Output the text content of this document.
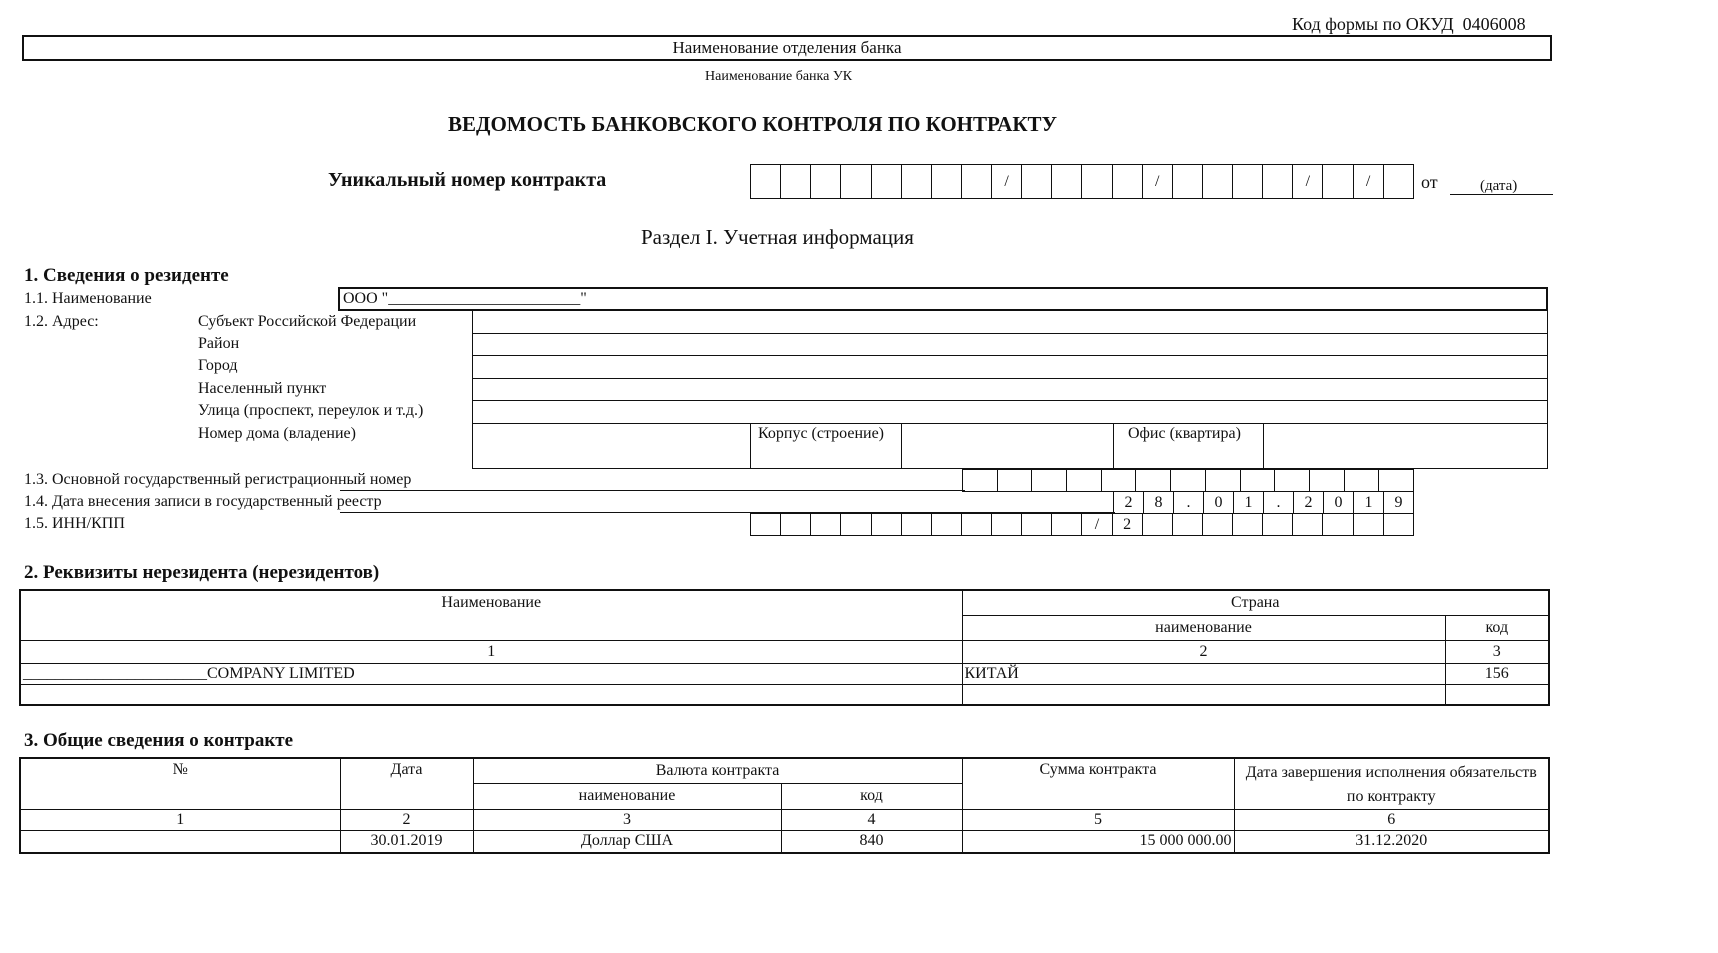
Код формы по ОКУД 0406008
Наименование отделения банка
Наименование банка УК
ВЕДОМОСТЬ БАНКОВСКОГО КОНТРОЛЯ ПО КОНТРАКТУ
Уникальный номер контракта	/	/	/	/	от	(дата)
Раздел I. Учетная информация
1. Сведения о резиденте
1.1. Наименование	ООО "________________________"
1.2. Адрес:	Субъект Российской Федерации
Район
Город
Населенный пункт
Улица (проспект, переулок и т.д.)
Номер дома (владение)	Корпус (строение)	Офис (квартира)
1.3. Основной государственный регистрационный номер
1.4. Дата внесения записи в государственный реестр	2	8	.	0	1	.	2	0	1	9
1.5. ИНН/КПП	/	2
2. Реквизиты нерезидента (нерезидентов)
Наименование	Страна	
	наименование	код
1	2	3
_______________________COMPANY LIMITED	КИТАЙ	156

3. Общие сведения о контракте
№	Дата	Валюта контракта		Сумма контракта	Дата завершения исполнения обязательств по контракту
		наименование	код		
1	2	3	4	5	6
	30.01.2019	Доллар США	840	15 000 000.00	31.12.2020
